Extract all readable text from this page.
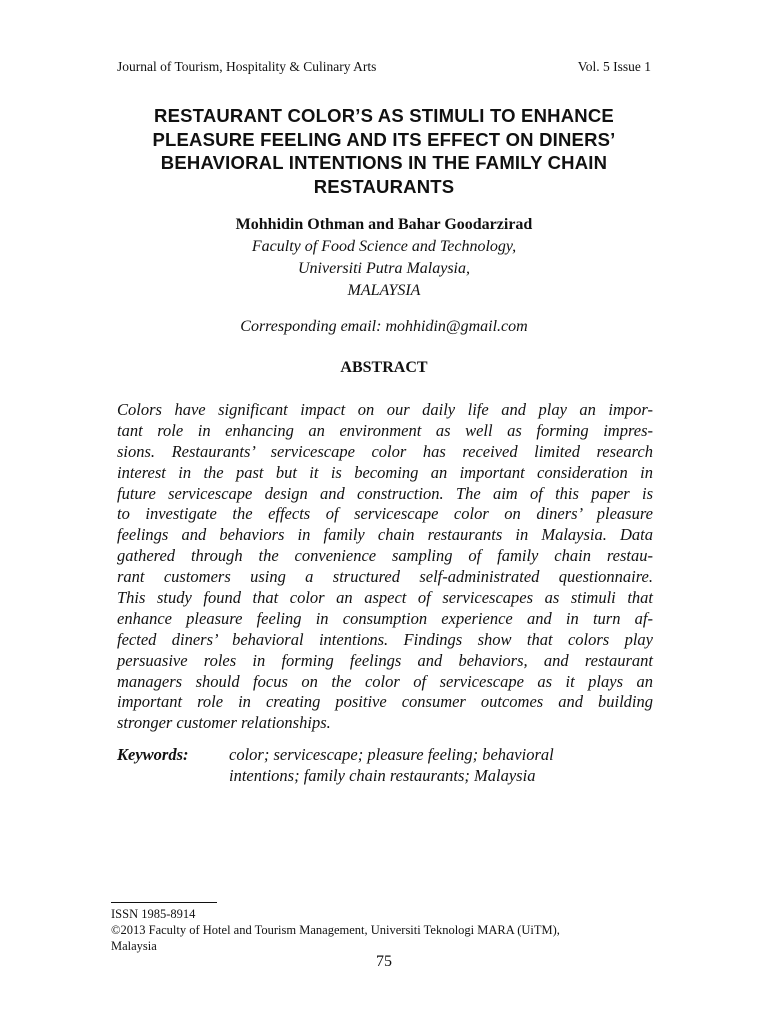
Journal of Tourism, Hospitality & Culinary Arts	Vol. 5 Issue 1
RESTAURANT COLOR’S AS STIMULI TO ENHANCE
PLEASURE FEELING AND ITS EFFECT ON DINERS’
BEHAVIORAL INTENTIONS IN THE FAMILY CHAIN
RESTAURANTS
Mohhidin Othman and Bahar Goodarzirad
Faculty of Food Science and Technology,
Universiti Putra Malaysia,
MALAYSIA
Corresponding email: mohhidin@gmail.com
ABSTRACT
Colors have significant impact on our daily life and play an impor-
tant role in enhancing an environment as well as forming impres-
sions. Restaurants’ servicescape color has received limited research
interest in the past but it is becoming an important consideration in
future servicescape design and construction. The aim of this paper is
to investigate the effects of servicescape color on diners’ pleasure
feelings and behaviors in family chain restaurants in Malaysia. Data
gathered through the convenience sampling of family chain restau-
rant customers using a structured self-administrated questionnaire.
This study found that color an aspect of servicescapes as stimuli that
enhance pleasure feeling in consumption experience and in turn af-
fected diners’ behavioral intentions. Findings show that colors play
persuasive roles in forming feelings and behaviors, and restaurant
managers should focus on the color of servicescape as it plays an
important role in creating positive consumer outcomes and building
stronger customer relationships.
Keywords: color; servicescape; pleasure feeling; behavioral
intentions; family chain restaurants; Malaysia
ISSN 1985-8914
©2013 Faculty of Hotel and Tourism Management, Universiti Teknologi MARA (UiTM),
Malaysia
75
